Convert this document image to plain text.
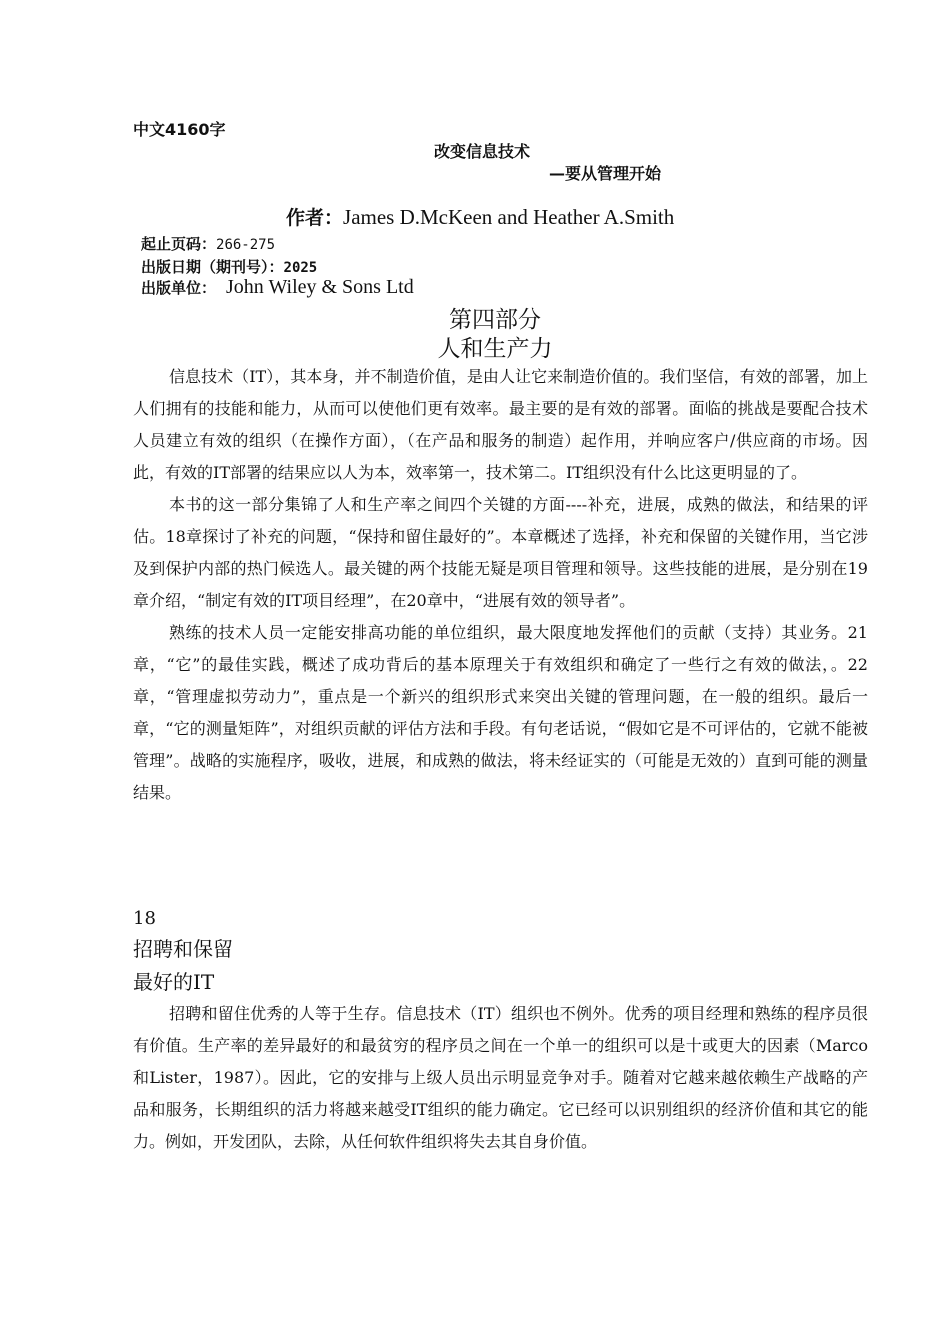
中文4160字
改变信息技术
—要从管理开始
作者：James D.McKeen and Heather A.Smith
起止页码：266-275
出版日期（期刊号）：2025
出版单位： John Wiley & Sons Ltd
第四部分
人和生产力

信息技术（IT），其本身，并不制造价值，是由人让它来制造价值的。我们坚信，有效的部署，加上人们拥有的技能和能力，从而可以使他们更有效率。最主要的是有效的部署。面临的挑战是要配合技术人员建立有效的组织（在操作方面），（在产品和服务的制造）起作用，并响应客户/供应商的市场。因此，有效的IT部署的结果应以人为本，效率第一，技术第二。IT组织没有什么比这更明显的了。

本书的这一部分集锦了人和生产率之间四个关键的方面----补充，进展，成熟的做法，和结果的评估。18章探讨了补充的问题，“保持和留住最好的”。本章概述了选择，补充和保留的关键作用，当它涉及到保护内部的热门候选人。最关键的两个技能无疑是项目管理和领导。这些技能的进展，是分别在19章介绍，“制定有效的IT项目经理”，在20章中，“进展有效的领导者”。

熟练的技术人员一定能安排高功能的单位组织，最大限度地发挥他们的贡献（支持）其业务。21章，“它”的最佳实践，概述了成功背后的基本原理关于有效组织和确定了一些行之有效的做法，。22章，“管理虚拟劳动力”，重点是一个新兴的组织形式来突出关键的管理问题，在一般的组织。最后一章，“它的测量矩阵”，对组织贡献的评估方法和手段。有句老话说，“假如它是不可评估的，它就不能被管理”。战略的实施程序，吸收，进展，和成熟的做法，将未经证实的（可能是无效的）直到可能的测量结果。

18
招聘和保留
最好的IT

招聘和留住优秀的人等于生存。信息技术（IT）组织也不例外。优秀的项目经理和熟练的程序员很有价值。生产率的差异最好的和最贫穷的程序员之间在一个单一的组织可以是十或更大的因素（Marco和Lister，1987）。因此，它的安排与上级人员出示明显竞争对手。随着对它越来越依赖生产战略的产品和服务，长期组织的活力将越来越受IT组织的能力确定。它已经可以识别组织的经济价值和其它的能力。例如，开发团队，去除，从任何软件组织将失去其自身价值。
